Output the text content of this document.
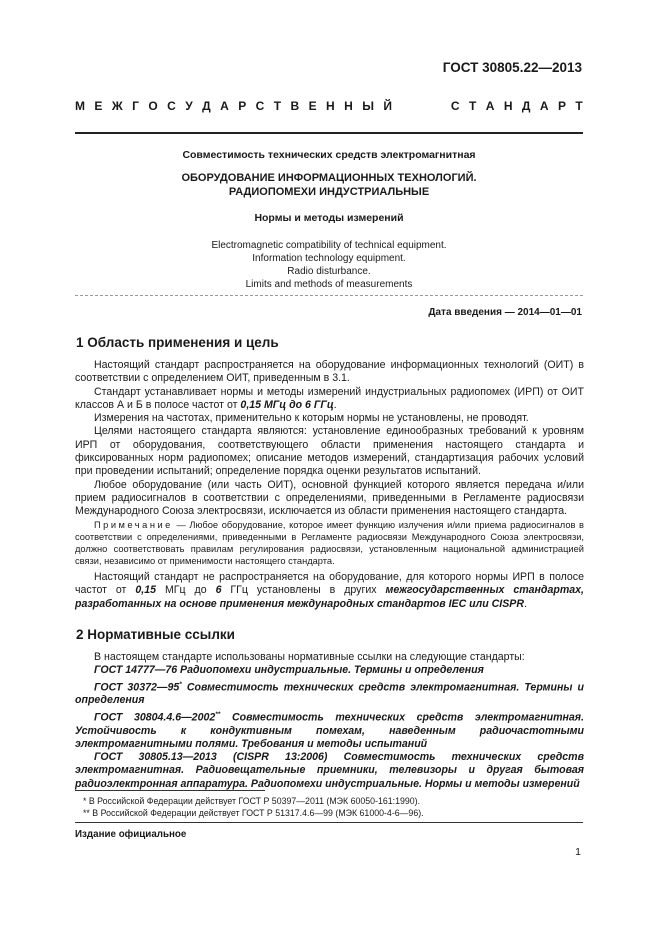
ГОСТ 30805.22—2013
М Е Ж Г О С У Д А Р С Т В Е Н Н Ы Й
	С Т А Н Д А Р Т
Совместимость технических средств электромагнитная
ОБОРУДОВАНИЕ ИНФОРМАЦИОННЫХ ТЕХНОЛОГИЙ.
РАДИОПОМЕХИ ИНДУСТРИАЛЬНЫЕ
Нормы и методы измерений
Electromagnetic compatibility of technical equipment.
Information technology equipment.
Radio disturbance.
Limits and methods of measurements
Дата введения — 2014—01—01
1 Область применения и цель

Настоящий стандарт распространяется на оборудование информационных технологий (ОИТ) в соответствии с определением ОИТ, приведенным в 3.1.

Стандарт устанавливает нормы и методы измерений индустриальных радиопомех (ИРП) от ОИТ классов А и Б в полосе частот от 0,15 МГц до 6 ГГц.

Измерения на частотах, применительно к которым нормы не установлены, не проводят.

Целями настоящего стандарта являются: установление единообразных требований к уровням ИРП от оборудования, соответствующего области применения настоящего стандарта и фиксированных норм радиопомех; описание методов измерений, стандартизация рабочих условий при проведении испытаний; определение порядка оценки результатов испытаний.

Любое оборудование (или часть ОИТ), основной функцией которого является передача и/или прием радиосигналов в соответствии с определениями, приведенными в Регламенте радиосвязи Международного Союза электросвязи, исключается из области применения настоящего стандарта.

Примечание — Любое оборудование, которое имеет функцию излучения и/или приема радиосигналов в соответствии с определениями, приведенными в Регламенте радиосвязи Международного Союза электросвязи, должно соответствовать правилам регулирования радиосвязи, установленным национальной администрацией связи, независимо от применимости настоящего стандарта.

Настоящий стандарт не распространяется на оборудование, для которого нормы ИРП в полосе частот от 0,15 МГц до 6 ГГц установлены в других межгосударственных стандартах, разработанных на основе применения международных стандартов IEC или CISPR.

2 Нормативные ссылки

В настоящем стандарте использованы нормативные ссылки на следующие стандарты:

ГОСТ 14777—76 Радиопомехи индустриальные. Термины и определения

ГОСТ 30372—95* Совместимость технических средств электромагнитная. Термины и определения

ГОСТ 30804.4.6—2002** Совместимость технических средств электромагнитная. Устойчивость к кондуктивным помехам, наведенным радиочастотными электромагнитными полями. Требования и методы испытаний

ГОСТ 30805.13—2013 (CISPR 13:2006) Совместимость технических средств электромагнитная. Радиовещательные приемники, телевизоры и другая бытовая радиоэлектронная аппаратура. Радиопомехи индустриальные. Нормы и методы измерений

* В Российской Федерации действует ГОСТ Р 50397—2011 (МЭК 60050-161:1990).

** В Российской Федерации действует ГОСТ Р 51317.4.6—99 (МЭК 61000-4-6—96).

Издание официальное
1
